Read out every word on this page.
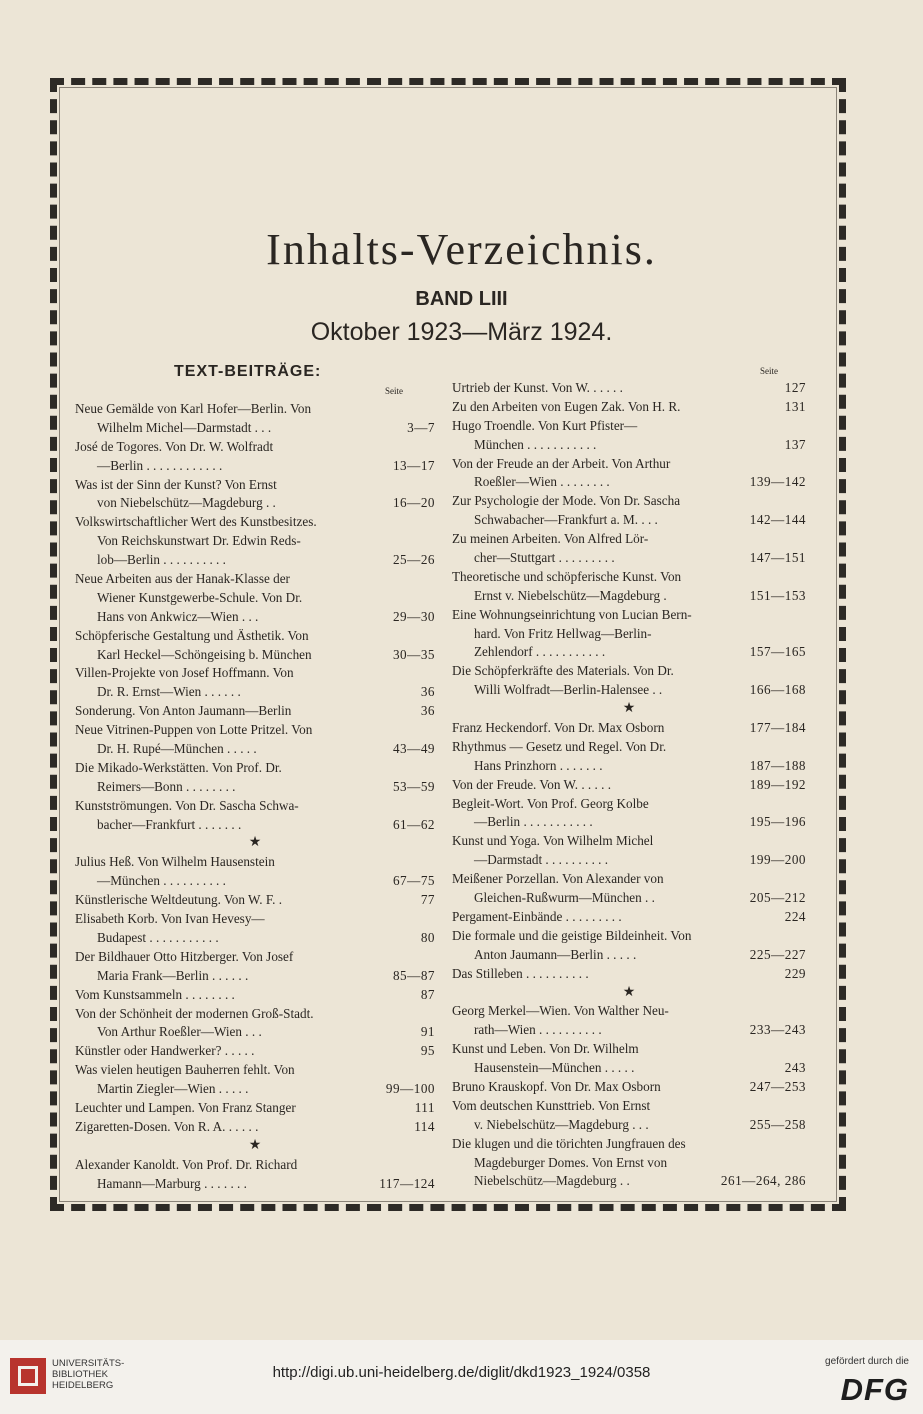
Inhalts-Verzeichnis.
BAND LIII
Oktober 1923—März 1924.
TEXT-BEITRÄGE:
Seite
Seite
Neue Gemälde von Karl Hofer—Berlin. Von
Wilhelm Michel—Darmstadt . . .	3—7
José de Togores. Von Dr. W. Wolfradt
—Berlin . . . . . . . . . . . .	13—17
Was ist der Sinn der Kunst? Von Ernst
von Niebelschütz—Magdeburg . .	16—20
Volkswirtschaftlicher Wert des Kunstbesitzes.
Von Reichskunstwart Dr. Edwin Reds-
lob—Berlin . . . . . . . . . .	25—26
Neue Arbeiten aus der Hanak-Klasse der
Wiener Kunstgewerbe-Schule. Von Dr.
Hans von Ankwicz—Wien . . .	29—30
Schöpferische Gestaltung und Ästhetik. Von
Karl Heckel—Schöngeising b. München	30—35
Villen-Projekte von Josef Hoffmann. Von
Dr. R. Ernst—Wien . . . . . .	36
Sonderung. Von Anton Jaumann—Berlin	36
Neue Vitrinen-Puppen von Lotte Pritzel. Von
Dr. H. Rupé—München . . . . .	43—49
Die Mikado-Werkstätten. Von Prof. Dr.
Reimers—Bonn . . . . . . . .	53—59
Kunstströmungen. Von Dr. Sascha Schwa-
bacher—Frankfurt . . . . . . .	61—62
★
Julius Heß. Von Wilhelm Hausenstein
—München . . . . . . . . . .	67—75
Künstlerische Weltdeutung. Von W. F. .	77
Elisabeth Korb. Von Ivan Hevesy—
Budapest . . . . . . . . . . .	80
Der Bildhauer Otto Hitzberger. Von Josef
Maria Frank—Berlin . . . . . .	85—87
Vom Kunstsammeln . . . . . . . .	87
Von der Schönheit der modernen Groß-Stadt.
Von Arthur Roeßler—Wien . . .	91
Künstler oder Handwerker? . . . . .	95
Was vielen heutigen Bauherren fehlt. Von
Martin Ziegler—Wien . . . . .	99—100
Leuchter und Lampen. Von Franz Stanger	111
Zigaretten-Dosen. Von R. A. . . . . .	114
★
Alexander Kanoldt. Von Prof. Dr. Richard
Hamann—Marburg . . . . . . .	117—124
Urtrieb der Kunst. Von W. . . . . .	127
Zu den Arbeiten von Eugen Zak. Von H. R.	131
Hugo Troendle. Von Kurt Pfister—
München . . . . . . . . . . .	137
Von der Freude an der Arbeit. Von Arthur
Roeßler—Wien . . . . . . . .	139—142
Zur Psychologie der Mode. Von Dr. Sascha
Schwabacher—Frankfurt a. M. . . .	142—144
Zu meinen Arbeiten. Von Alfred Lör-
cher—Stuttgart . . . . . . . . .	147—151
Theoretische und schöpferische Kunst. Von
Ernst v. Niebelschütz—Magdeburg .	151—153
Eine Wohnungseinrichtung von Lucian Bern-
hard. Von Fritz Hellwag—Berlin-
Zehlendorf . . . . . . . . . . .	157—165
Die Schöpferkräfte des Materials. Von Dr.
Willi Wolfradt—Berlin-Halensee . .	166—168
★
Franz Heckendorf. Von Dr. Max Osborn	177—184
Rhythmus — Gesetz und Regel. Von Dr.
Hans Prinzhorn . . . . . . .	187—188
Von der Freude. Von W. . . . . .	189—192
Begleit-Wort. Von Prof. Georg Kolbe
—Berlin . . . . . . . . . . .	195—196
Kunst und Yoga. Von Wilhelm Michel
—Darmstadt . . . . . . . . . .	199—200
Meißener Porzellan. Von Alexander von
Gleichen-Rußwurm—München . .	205—212
Pergament-Einbände . . . . . . . . .	224
Die formale und die geistige Bildeinheit. Von
Anton Jaumann—Berlin . . . . .	225—227
Das Stilleben . . . . . . . . . .	229
★
Georg Merkel—Wien. Von Walther Neu-
rath—Wien . . . . . . . . . .	233—243
Kunst und Leben. Von Dr. Wilhelm
Hausenstein—München . . . . .	243
Bruno Krauskopf. Von Dr. Max Osborn	247—253
Vom deutschen Kunsttrieb. Von Ernst
v. Niebelschütz—Magdeburg . . .	255—258
Die klugen und die törichten Jungfrauen des
Magdeburger Domes. Von Ernst von
Niebelschütz—Magdeburg . .	261—264, 286
UNIVERSITÄTS-
BIBLIOTHEK
HEIDELBERG
http://digi.ub.uni-heidelberg.de/diglit/dkd1923_1924/0358
gefördert durch die
DFG
